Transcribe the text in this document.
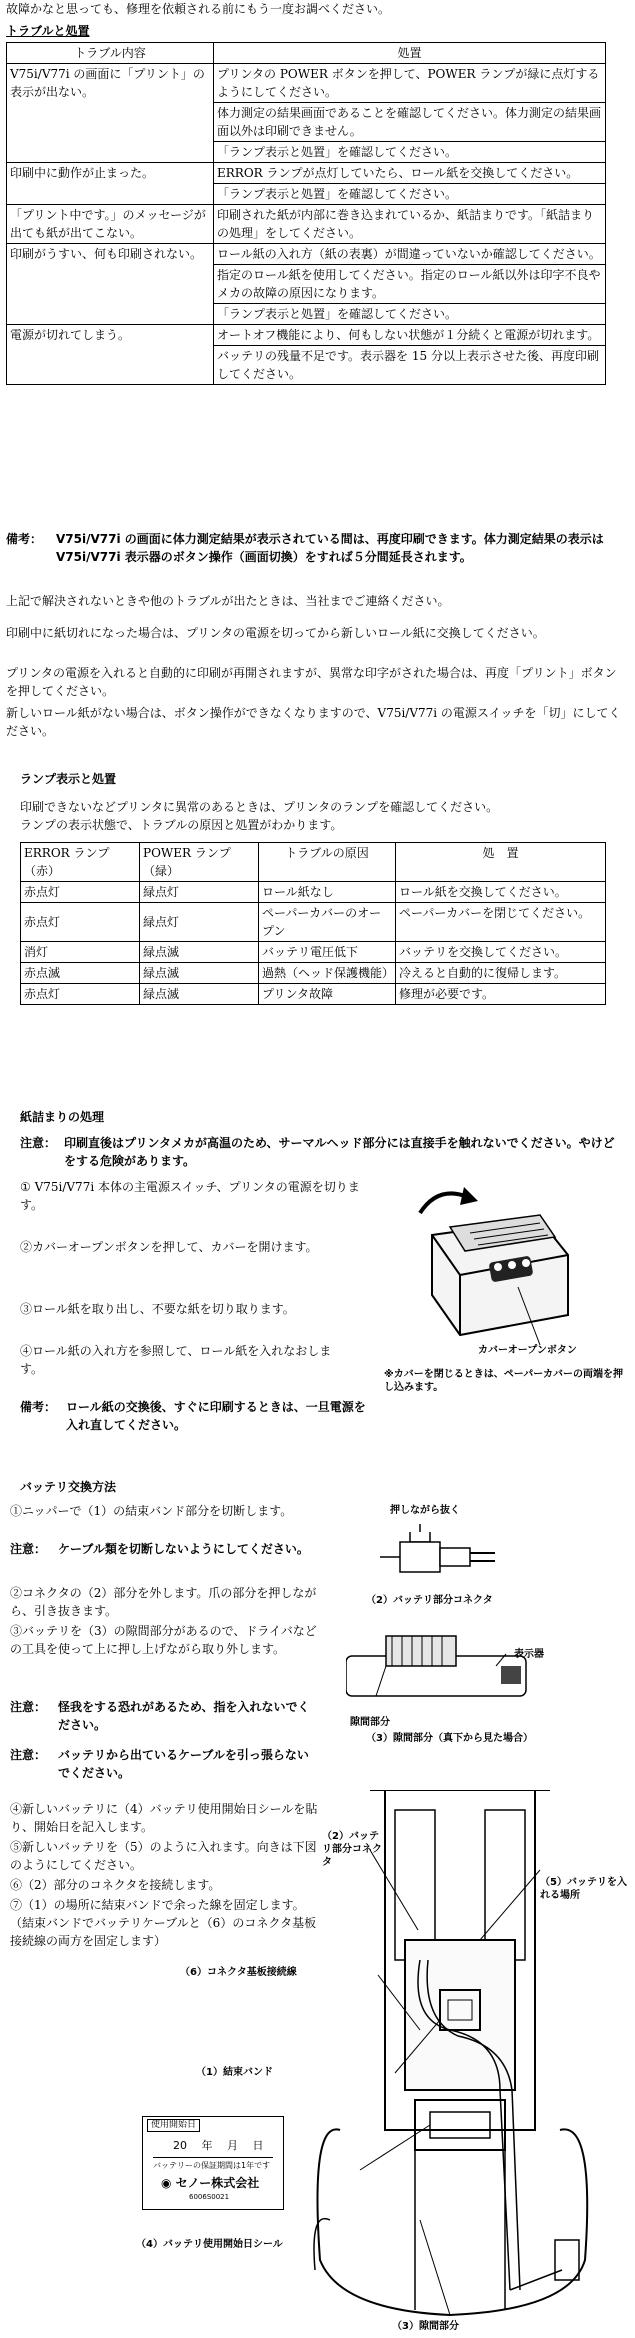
故障かなと思っても、修理を依頼される前にもう一度お調べください。
トラブルと処置
トラブル内容	処置
V75i/V77i の画面に「プリント」の表示が出ない。	プリンタの POWER ボタンを押して、POWER ランプが緑に点灯するようにしてください。
	体力測定の結果画面であることを確認してください。体力測定の結果画面以外は印刷できません。
	「ランプ表示と処置」を確認してください。
印刷中に動作が止まった。	ERROR ランプが点灯していたら、ロール紙を交換してください。
	「ランプ表示と処置」を確認してください。
「プリント中です。」のメッセージが出ても紙が出てこない。	印刷された紙が内部に巻き込まれているか、紙詰まりです。「紙詰まりの処理」をしてください。
印刷がうすい、何も印刷されない。	ロール紙の入れ方（紙の表裏）が間違っていないか確認してください。
	指定のロール紙を使用してください。指定のロール紙以外は印字不良やメカの故障の原因になります。
	「ランプ表示と処置」を確認してください。
電源が切れてしまう。	オートオフ機能により、何もしない状態が１分続くと電源が切れます。
	バッテリの残量不足です。表示器を 15 分以上表示させた後、再度印刷してください。
備考：	V75i/V77i の画面に体力測定結果が表示されている間は、再度印刷できます。体力測定結果の表示は V75i/V77i 表示器のボタン操作（画面切換）をすれば５分間延長されます。
上記で解決されないときや他のトラブルが出たときは、当社までご連絡ください。
印刷中に紙切れになった場合は、プリンタの電源を切ってから新しいロール紙に交換してください。
プリンタの電源を入れると自動的に印刷が再開されますが、異常な印字がされた場合は、再度「プリント」ボタンを押してください。
新しいロール紙がない場合は、ボタン操作ができなくなりますので、V75i/V77i の電源スイッチを「切」にしてください。
ランプ表示と処置
印刷できないなどプリンタに異常のあるときは、プリンタのランプを確認してください。
ランプの表示状態で、トラブルの原因と処置がわかります。
ERROR ランプ（赤）	POWER ランプ（緑）	トラブルの原因	処　置
赤点灯	緑点灯	ロール紙なし	ロール紙を交換してください。
赤点灯	緑点灯	ペーパーカバーのオープン	ペーパーカバーを閉じてください。
消灯	緑点滅	バッテリ電圧低下	バッテリを交換してください。
赤点滅	緑点滅	過熱（ヘッド保護機能）	冷えると自動的に復帰します。
赤点灯	緑点滅	プリンタ故障	修理が必要です。
紙詰まりの処理
注意： 印刷直後はプリンタメカが高温のため、サーマルヘッド部分には直接手を触れないでください。やけどをする危険があります。
① V75i/V77i 本体の主電源スイッチ、プリンタの電源を切ります。
②カバーオープンボタンを押して、カバーを開けます。
③ロール紙を取り出し、不要な紙を切り取ります。
④ロール紙の入れ方を参照して、ロール紙を入れなおします。
備考： ロール紙の交換後、すぐに印刷するときは、一旦電源を入れ直してください。
カバーオープンボタン
※カバーを閉じるときは、ペーパーカバーの両端を押し込みます。
バッテリ交換方法
①ニッパーで（1）の結束バンド部分を切断します。
注意： ケーブル類を切断しないようにしてください。
②コネクタの（2）部分を外します。爪の部分を押しながら、引き抜きます。
③バッテリを（3）の隙間部分があるので、ドライバなどの工具を使って上に押し上げながら取り外します。
注意： 怪我をする恐れがあるため、指を入れないでください。
注意： バッテリから出ているケーブルを引っ張らないでください。
④新しいバッテリに（4）バッテリ使用開始日シールを貼り、開始日を記入します。
⑤新しいバッテリを（5）のように入れます。向きは下図のようにしてください。
⑥（2）部分のコネクタを接続します。
⑦（1）の場所に結束バンドで余った線を固定します。（結束バンドでバッテリケーブルと（6）のコネクタ基板接続線の両方を固定します）
押しながら抜く
（2）バッテリ部分コネクタ
表示器
隙間部分
（3）隙間部分（真下から見た場合）
（2）バッテリ部分コネクタ
（5）バッテリを入れる場所
（6）コネクタ基板接続線
（1）結束バンド
（4）バッテリ使用開始日シール
（3）隙間部分
使用開始日
20　 年　 月　 日
バッテリーの保証期間は1年です
◉ セノー株式会社
6006S0021
